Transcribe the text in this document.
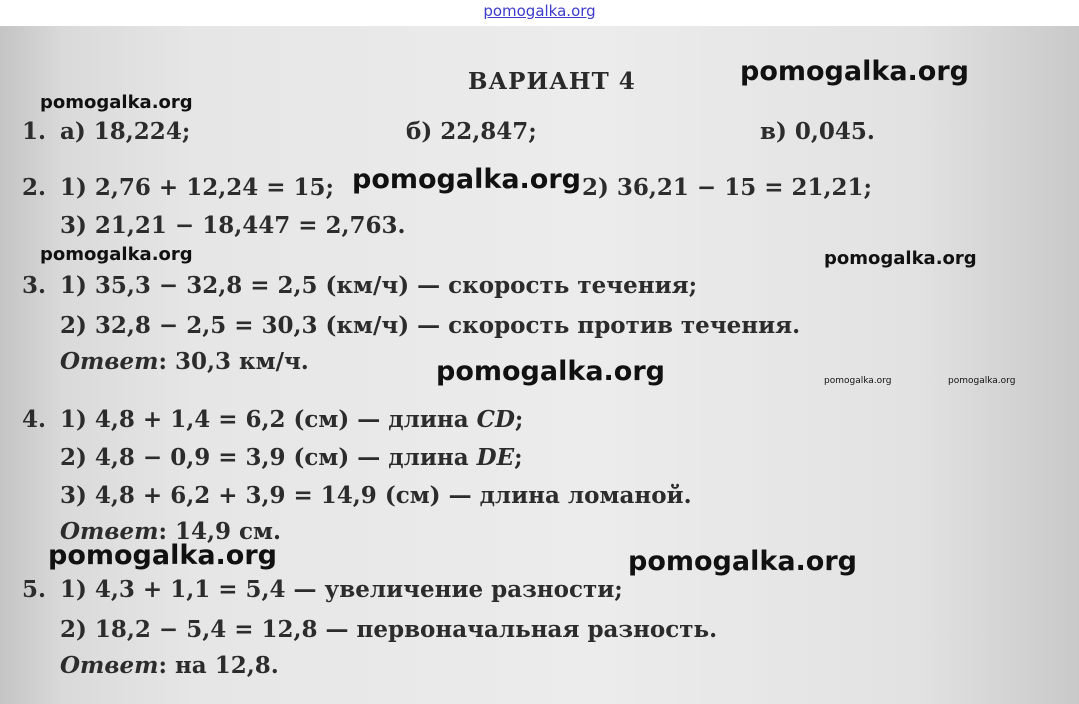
pomogalka.org
ВАРИАНТ 4
1. а) 18,224;	б) 22,847;	в) 0,045.
2. 1) 2,76 + 12,24 = 15;	2) 36,21 − 15 = 21,21;
3) 21,21 − 18,447 = 2,763.
3. 1) 35,3 − 32,8 = 2,5 (км/ч) — скорость течения;
2) 32,8 − 2,5 = 30,3 (км/ч) — скорость против течения.
Ответ: 30,3 км/ч.
4. 1) 4,8 + 1,4 = 6,2 (см) — длина CD;
2) 4,8 − 0,9 = 3,9 (см) — длина DE;
3) 4,8 + 6,2 + 3,9 = 14,9 (см) — длина ломаной.
Ответ: 14,9 см.
5. 1) 4,3 + 1,1 = 5,4 — увеличение разности;
2) 18,2 − 5,4 = 12,8 — первоначальная разность.
Ответ: на 12,8.
pomogalka.org
pomogalka.org
pomogalka.org
pomogalka.org	pomogalka.org
pomogalka.org	pomogalka.org	pomogalka.org
pomogalka.org	pomogalka.org
